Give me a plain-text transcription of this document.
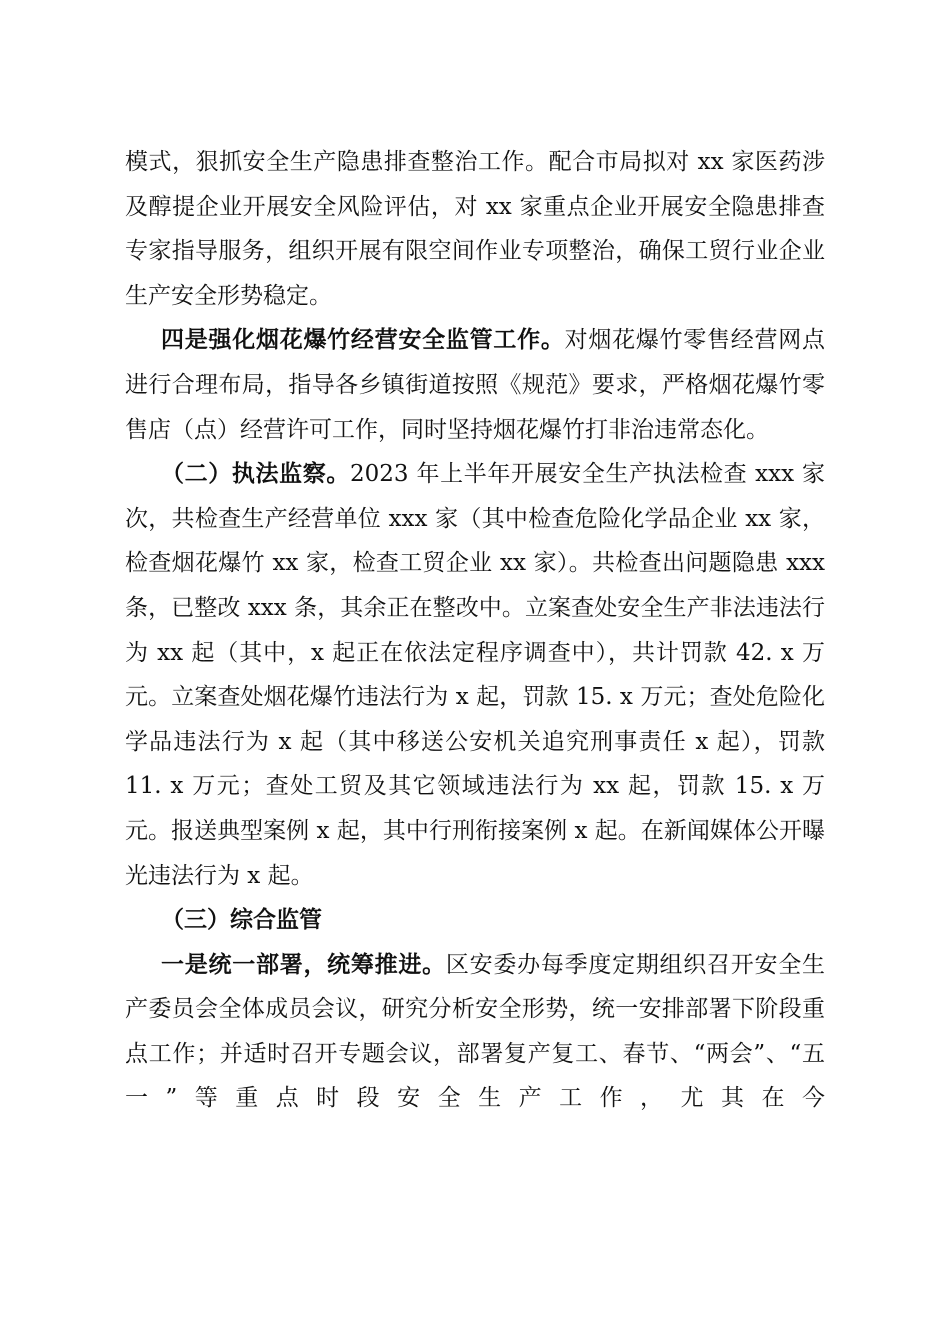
模式，狠抓安全生产隐患排查整治工作。配合市局拟对 xx 家医药涉及醇提企业开展安全风险评估，对 xx 家重点企业开展安全隐患排查专家指导服务，组织开展有限空间作业专项整治，确保工贸行业企业生产安全形势稳定。

四是强化烟花爆竹经营安全监管工作。对烟花爆竹零售经营网点进行合理布局，指导各乡镇街道按照《规范》要求，严格烟花爆竹零售店（点）经营许可工作，同时坚持烟花爆竹打非治违常态化。

（二）执法监察。2023 年上半年开展安全生产执法检查 xxx 家次，共检查生产经营单位 xxx 家（其中检查危险化学品企业 xx 家，检查烟花爆竹 xx 家，检查工贸企业 xx 家）。共检查出问题隐患 xxx 条，已整改 xxx 条，其余正在整改中。立案查处安全生产非法违法行为 xx 起（其中，x 起正在依法定程序调查中），共计罚款 42. x 万元。立案查处烟花爆竹违法行为 x 起，罚款 15. x 万元；查处危险化学品违法行为 x 起（其中移送公安机关追究刑事责任 x 起），罚款 11. x 万元；查处工贸及其它领域违法行为 xx 起，罚款 15. x 万元。报送典型案例 x 起，其中行刑衔接案例 x 起。在新闻媒体公开曝光违法行为 x 起。

（三）综合监管

一是统一部署，统筹推进。区安委办每季度定期组织召开安全生产委员会全体成员会议，研究分析安全形势，统一安排部署下阶段重点工作；并适时召开专题会议，部署复产复工、春节、“两会”、“五一”等重点时段安全生产工作，尤其在今
